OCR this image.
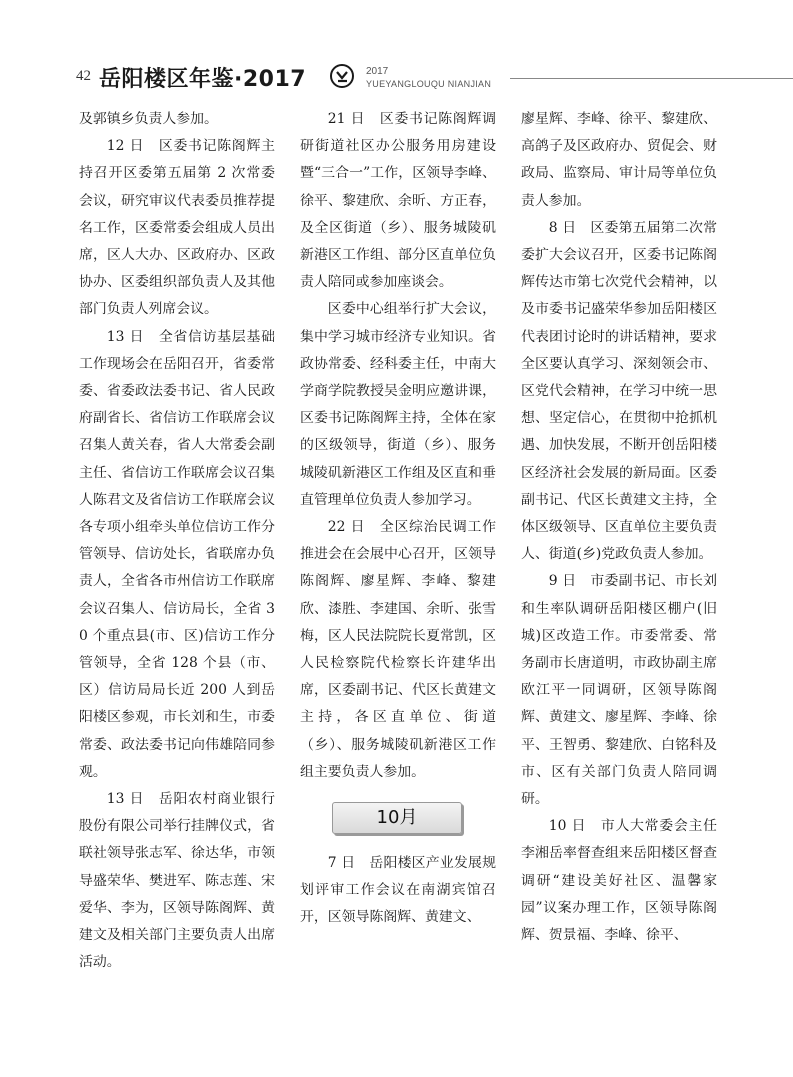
42 岳阳楼区年鉴·2017	2017
YUEYANGLOUQU NIANJIAN

及郭镇乡负责人参加。

12 日　区委书记陈阁辉主持召开区委第五届第 2 次常委会议，研究审议代表委员推荐提名工作，区委常委会组成人员出席，区人大办、区政府办、区政协办、区委组织部负责人及其他部门负责人列席会议。

13 日　全省信访基层基础工作现场会在岳阳召开，省委常委、省委政法委书记、省人民政府副省长、省信访工作联席会议召集人黄关春，省人大常委会副主任、省信访工作联席会议召集人陈君文及省信访工作联席会议各专项小组牵头单位信访工作分管领导、信访处长，省联席办负责人，全省各市州信访工作联席会议召集人、信访局长，全省 30 个重点县(市、区)信访工作分管领导，全省 128 个县（市、区）信访局局长近 200 人到岳阳楼区参观，市长刘和生，市委常委、政法委书记向伟雄陪同参观。

13 日　岳阳农村商业银行股份有限公司举行挂牌仪式，省联社领导张志军、徐达华，市领导盛荣华、樊进军、陈志莲、宋爱华、李为，区领导陈阁辉、黄建文及相关部门主要负责人出席活动。

21 日　区委书记陈阁辉调研街道社区办公服务用房建设暨“三合一”工作，区领导李峰、徐平、黎建欣、余昕、方正春，及全区街道（乡）、服务城陵矶新港区工作组、部分区直单位负责人陪同或参加座谈会。

区委中心组举行扩大会议，集中学习城市经济专业知识。省政协常委、经科委主任，中南大学商学院教授吴金明应邀讲课，区委书记陈阁辉主持，全体在家的区级领导，街道（乡）、服务城陵矶新港区工作组及区直和垂直管理单位负责人参加学习。

22 日　全区综治民调工作推进会在会展中心召开，区领导陈阁辉、廖星辉、李峰、黎建欣、漆胜、李建国、余昕、张雪梅，区人民法院院长夏常凯，区人民检察院代检察长许建华出席，区委副书记、代区长黄建文主持，各区直单位、街道（乡）、服务城陵矶新港区工作组主要负责人参加。

10月

7 日　岳阳楼区产业发展规划评审工作会议在南湖宾馆召开，区领导陈阁辉、黄建文、

廖星辉、李峰、徐平、黎建欣、高鸽子及区政府办、贸促会、财政局、监察局、审计局等单位负责人参加。

8 日　区委第五届第二次常委扩大会议召开，区委书记陈阁辉传达市第七次党代会精神，以及市委书记盛荣华参加岳阳楼区代表团讨论时的讲话精神，要求全区要认真学习、深刻领会市、区党代会精神，在学习中统一思想、坚定信心，在贯彻中抢抓机遇、加快发展，不断开创岳阳楼区经济社会发展的新局面。区委副书记、代区长黄建文主持，全体区级领导、区直单位主要负责人、街道(乡)党政负责人参加。

9 日　市委副书记、市长刘和生率队调研岳阳楼区棚户(旧城)区改造工作。市委常委、常务副市长唐道明，市政协副主席欧江平一同调研，区领导陈阁辉、黄建文、廖星辉、李峰、徐平、王智勇、黎建欣、白铭科及市、区有关部门负责人陪同调研。

10 日　市人大常委会主任李湘岳率督查组来岳阳楼区督查调研“建设美好社区、温馨家园”议案办理工作，区领导陈阁辉、贺景福、李峰、徐平、
